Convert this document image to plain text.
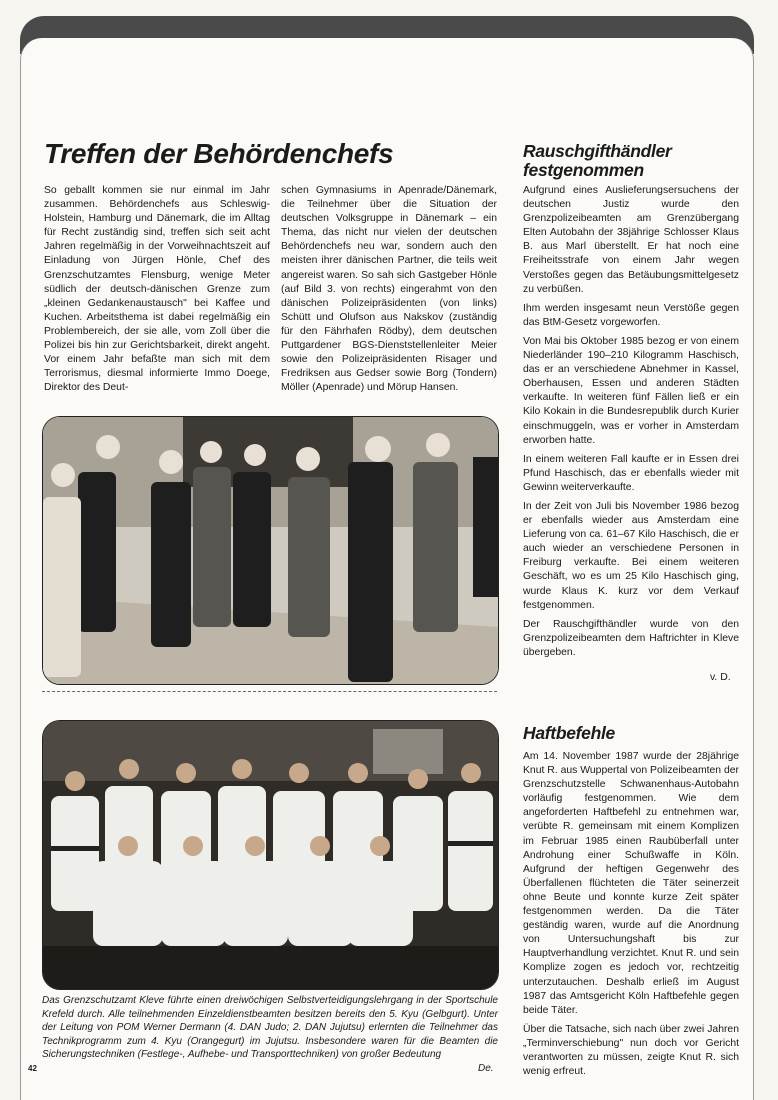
Treffen der Behördenchefs
So geballt kommen sie nur einmal im Jahr zusammen. Behördenchefs aus Schleswig-Holstein, Hamburg und Dänemark, die im Alltag für Recht zuständig sind, treffen sich seit acht Jahren regelmäßig in der Vorweihnachtszeit auf Einladung von Jürgen Hönle, Chef des Grenzschutzamtes Flensburg, wenige Meter südlich der deutsch-dänischen Grenze zum „kleinen Gedankenaustausch" bei Kaffee und Kuchen. Arbeitsthema ist dabei regelmäßig ein Problembereich, der sie alle, vom Zoll über die Polizei bis hin zur Gerichtsbarkeit, direkt angeht. Vor einem Jahr befaßte man sich mit dem Terrorismus, diesmal informierte Immo Doege, Direktor des Deut-
schen Gymnasiums in Apenrade/Dänemark, die Teilnehmer über die Situation der deutschen Volksgruppe in Dänemark – ein Thema, das nicht nur vielen der deutschen Behördenchefs neu war, sondern auch den meisten ihrer dänischen Partner, die teils weit angereist waren. So sah sich Gastgeber Hönle (auf Bild 3. von rechts) eingerahmt von den dänischen Polizeipräsidenten (von links) Schütt und Olufson aus Nakskov (zuständig für den Fährhafen Rödby), dem deutschen Puttgardener BGS-Dienststellenleiter Meier sowie den Polizeipräsidenten Risager und Fredriksen aus Gedser sowie Borg (Tondern) Möller (Apenrade) und Mörup Hansen.
Das Grenzschutzamt Kleve führte einen dreiwöchigen Selbstverteidigungslehrgang in der Sportschule Krefeld durch. Alle teilnehmenden Einzeldienstbeamten besitzen bereits den 5. Kyu (Gelbgurt). Unter der Leitung von POM Werner Dermann (4. DAN Judo; 2. DAN Jujutsu) erlernten die Teilnehmer das Technikprogramm zum 4. Kyu (Orangegurt) im Jujutsu. Insbesondere waren für die Beamten die Sicherungstechniken (Festlege-, Aufhebe- und Transporttechniken) von großer Bedeutung
De.
42
Rauschgifthändler festgenommen

Aufgrund eines Auslieferungsersuchens der deutschen Justiz wurde den Grenzpolizeibeamten am Grenzübergang Elten Autobahn der 38jährige Schlosser Klaus B. aus Marl überstellt. Er hat noch eine Freiheitsstrafe von einem Jahr wegen Verstoßes gegen das Betäubungsmittelgesetz zu verbüßen.

Ihm werden insgesamt neun Verstöße gegen das BtM-Gesetz vorgeworfen.

Von Mai bis Oktober 1985 bezog er von einem Niederländer 190–210 Kilogramm Haschisch, das er an verschiedene Abnehmer in Kassel, Oberhausen, Essen und anderen Städten verkaufte. In weiteren fünf Fällen ließ er ein Kilo Kokain in die Bundesrepublik durch Kurier einschmuggeln, was er vorher in Amsterdam erworben hatte.

In einem weiteren Fall kaufte er in Essen drei Pfund Haschisch, das er ebenfalls wieder mit Gewinn weiterverkaufte.

In der Zeit von Juli bis November 1986 bezog er ebenfalls wieder aus Amsterdam eine Lieferung von ca. 61–67 Kilo Haschisch, die er auch wieder an verschiedene Personen in Freiburg verkaufte. Bei einem weiteren Geschäft, wo es um 25 Kilo Haschisch ging, wurde Klaus K. kurz vor dem Verkauf festgenommen.

Der Rauschgifthändler wurde von den Grenzpolizeibeamten dem Haftrichter in Kleve übergeben.

v. D.
Haftbefehle

Am 14. November 1987 wurde der 28jährige Knut R. aus Wuppertal von Polizeibeamten der Grenzschutzstelle Schwanenhaus-Autobahn vorläufig festgenommen. Wie dem angeforderten Haftbefehl zu entnehmen war, verübte R. gemeinsam mit einem Komplizen im Februar 1985 einen Raubüberfall unter Androhung einer Schußwaffe in Köln. Aufgrund der heftigen Gegenwehr des Überfallenen flüchteten die Täter seinerzeit ohne Beute und konnte kurze Zeit später festgenommen werden. Da die Täter geständig waren, wurde auf die Anordnung von Untersuchungshaft bis zur Hauptverhandlung verzichtet. Knut R. und sein Komplize zogen es jedoch vor, rechtzeitig unterzutauchen. Deshalb erließ im August 1987 das Amtsgericht Köln Haftbefehle gegen beide Täter.

Über die Tatsache, sich nach über zwei Jahren „Terminverschiebung" nun doch vor Gericht verantworten zu müssen, zeigte Knut R. sich wenig erfreut.
